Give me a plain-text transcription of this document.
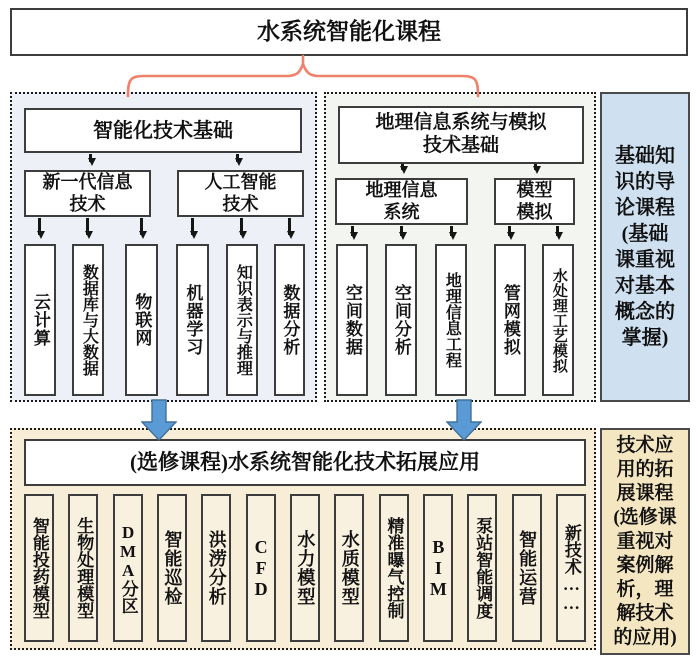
水系统智能化课程
智能化技术基础
新一代信息
技术
人工智能
技术
云计算 数据库与大数据 物联网 机器学习 知识表示与推理 数据分析
地理信息系统与模拟
技术基础
地理信息
系统
模型
模拟
空间数据 空间分析 地理信息工程 管网模拟 水处理工艺模拟
基础知识的导论课程(基础课重视对基本概念的掌握)
(选修课程)水系统智能化技术拓展应用
智能投药模型 生物处理模型 DMA分区 智能巡检 洪涝分析 CFD 水力模型 水质模型 精准曝气控制 BIM 泵站智能调度 智能运营 新技术……
技术应用的拓展课程(选修课重视对案例解析，理解技术的应用)
